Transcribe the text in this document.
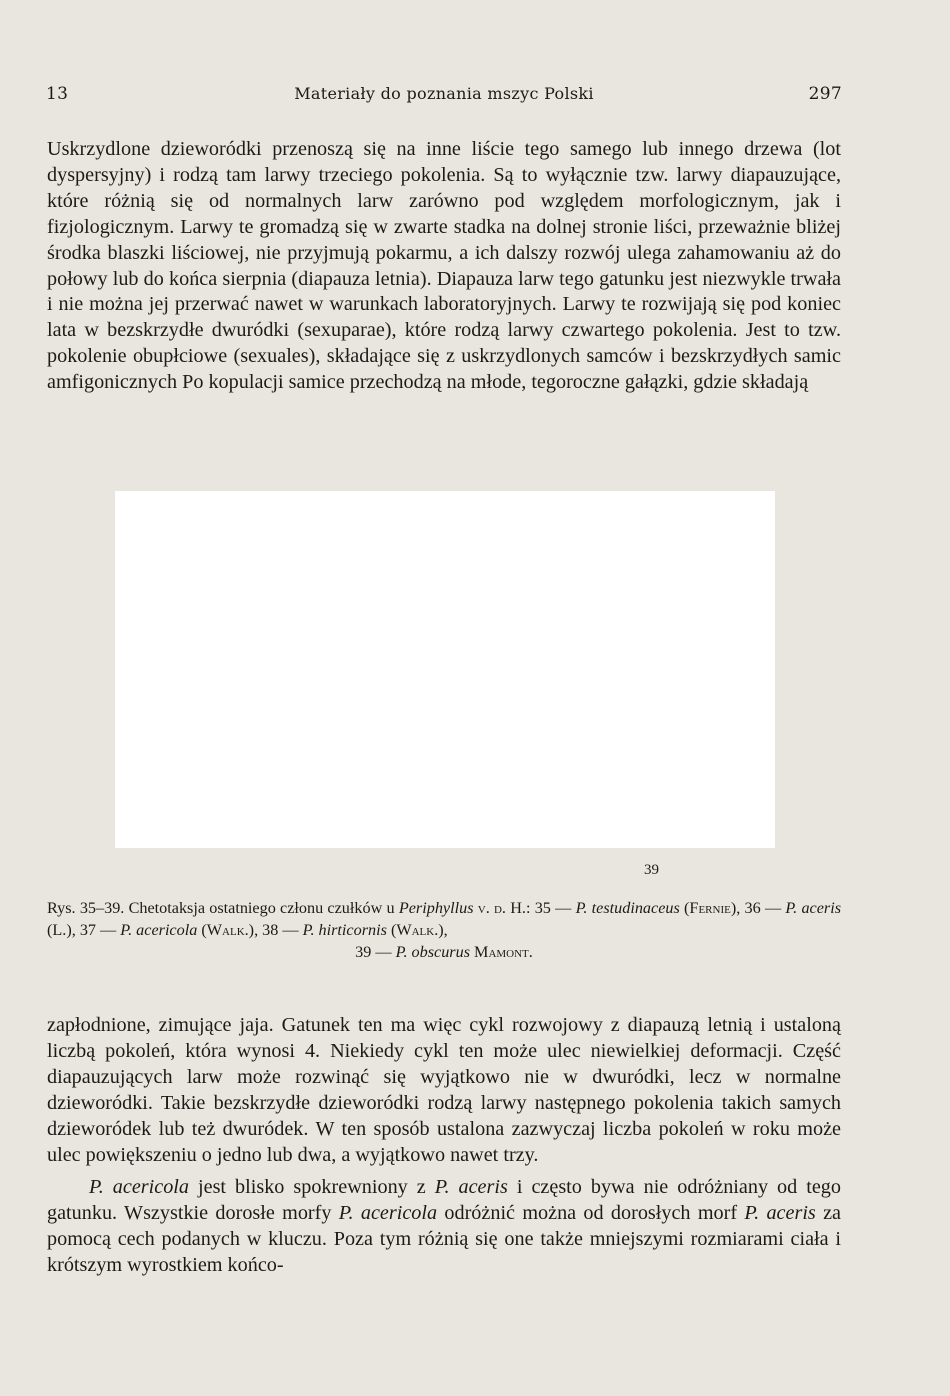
13	Materiały do poznania mszyc Polski	297
Uskrzydlone dzieworódki przenoszą się na inne liście tego samego lub innego drzewa (lot dyspersyjny) i rodzą tam larwy trzeciego pokolenia. Są to wyłącznie tzw. larwy diapauzujące, które różnią się od normalnych larw zarówno pod względem morfologicznym, jak i fizjologicznym. Larwy te gromadzą się w zwarte stadka na dolnej stronie liści, przeważnie bliżej środka blaszki liściowej, nie przyjmują pokarmu, a ich dalszy rozwój ulega zahamowaniu aż do połowy lub do końca sierpnia (diapauza letnia). Diapauza larw tego gatunku jest niezwykle trwała i nie można jej przerwać nawet w warunkach laboratoryjnych. Larwy te rozwijają się pod koniec lata w bezskrzydłe dwuródki (sexuparae), które rodzą larwy czwartego pokolenia. Jest to tzw. pokolenie obupłciowe (sexuales), składające się z uskrzydlonych samców i bezskrzydłych samic amfigonicznych Po kopulacji samice przechodzą na młode, tegoroczne gałązki, gdzie składają
39
Rys. 35–39. Chetotaksja ostatniego członu czułków u Periphyllus v. d. H.: 35 — P. testudinaceus (Fernie), 36 — P. aceris (L.), 37 — P. acericola (Walk.), 38 — P. hirticornis (Walk.),
39 — P. obscurus Mamont.
zapłodnione, zimujące jaja. Gatunek ten ma więc cykl rozwojowy z diapauzą letnią i ustaloną liczbą pokoleń, która wynosi 4. Niekiedy cykl ten może ulec niewielkiej deformacji. Część diapauzujących larw może rozwinąć się wyjątkowo nie w dwuródki, lecz w normalne dzieworódki. Takie bezskrzydłe dzieworódki rodzą larwy następnego pokolenia takich samych dzieworódek lub też dwuródek. W ten sposób ustalona zazwyczaj liczba pokoleń w roku może ulec powiększeniu o jedno lub dwa, a wyjątkowo nawet trzy.
P. acericola jest blisko spokrewniony z P. aceris i często bywa nie odróżniany od tego gatunku. Wszystkie dorosłe morfy P. acericola odróżnić można od dorosłych morf P. aceris za pomocą cech podanych w kluczu. Poza tym różnią się one także mniejszymi rozmiarami ciała i krótszym wyrostkiem końco-
